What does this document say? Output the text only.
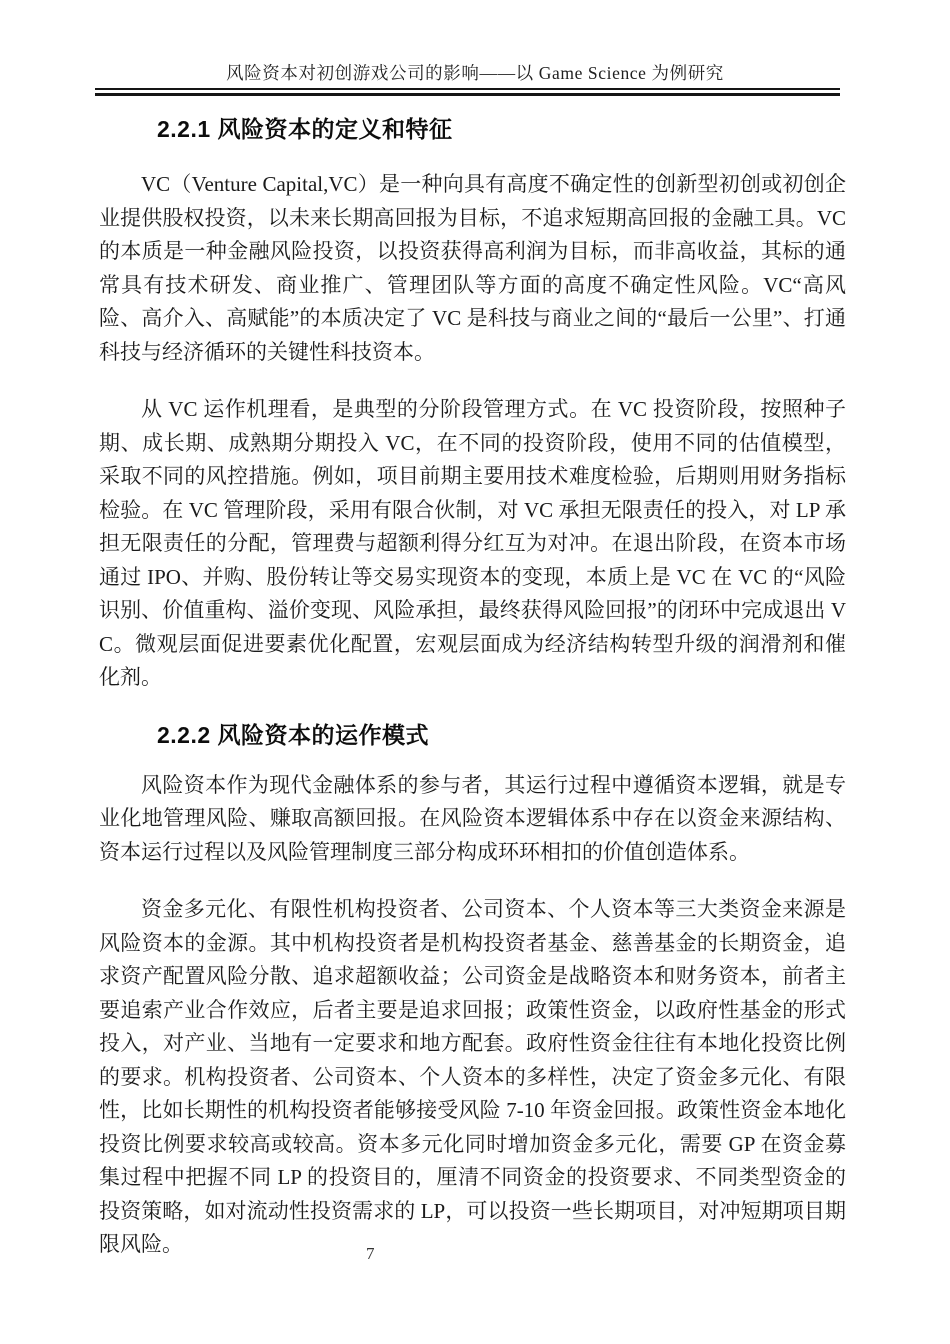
风险资本对初创游戏公司的影响——以 Game Science 为例研究
2.2.1 风险资本的定义和特征

VC（Venture Capital,VC）是一种向具有高度不确定性的创新型初创或初创企业提供股权投资，以未来长期高回报为目标，不追求短期高回报的金融工具。VC 的本质是一种金融风险投资，以投资获得高利润为目标，而非高收益，其标的通常具有技术研发、商业推广、管理团队等方面的高度不确定性风险。VC“高风险、高介入、高赋能”的本质决定了 VC 是科技与商业之间的“最后一公里”、打通科技与经济循环的关键性科技资本。

从 VC 运作机理看，是典型的分阶段管理方式。在 VC 投资阶段，按照种子期、成长期、成熟期分期投入 VC，在不同的投资阶段，使用不同的估值模型，采取不同的风控措施。例如，项目前期主要用技术难度检验，后期则用财务指标检验。在 VC 管理阶段，采用有限合伙制，对 VC 承担无限责任的投入，对 LP 承担无限责任的分配，管理费与超额利得分红互为对冲。在退出阶段，在资本市场通过 IPO、并购、股份转让等交易实现资本的变现，本质上是 VC 在 VC 的“风险识别、价值重构、溢价变现、风险承担，最终获得风险回报”的闭环中完成退出 VC。微观层面促进要素优化配置，宏观层面成为经济结构转型升级的润滑剂和催化剂。

2.2.2 风险资本的运作模式

风险资本作为现代金融体系的参与者，其运行过程中遵循资本逻辑，就是专业化地管理风险、赚取高额回报。在风险资本逻辑体系中存在以资金来源结构、资本运行过程以及风险管理制度三部分构成环环相扣的价值创造体系。

资金多元化、有限性机构投资者、公司资本、个人资本等三大类资金来源是风险资本的金源。其中机构投资者是机构投资者基金、慈善基金的长期资金，追求资产配置风险分散、追求超额收益；公司资金是战略资本和财务资本，前者主要追索产业合作效应，后者主要是追求回报；政策性资金，以政府性基金的形式投入，对产业、当地有一定要求和地方配套。政府性资金往往有本地化投资比例的要求。机构投资者、公司资本、个人资本的多样性，决定了资金多元化、有限性，比如长期性的机构投资者能够接受风险 7-10 年资金回报。政策性资金本地化投资比例要求较高或较高。资本多元化同时增加资金多元化，需要 GP 在资金募集过程中把握不同 LP 的投资目的，厘清不同资金的投资要求、不同类型资金的投资策略，如对流动性投资需求的 LP，可以投资一些长期项目，对冲短期项目期限风险。	7
